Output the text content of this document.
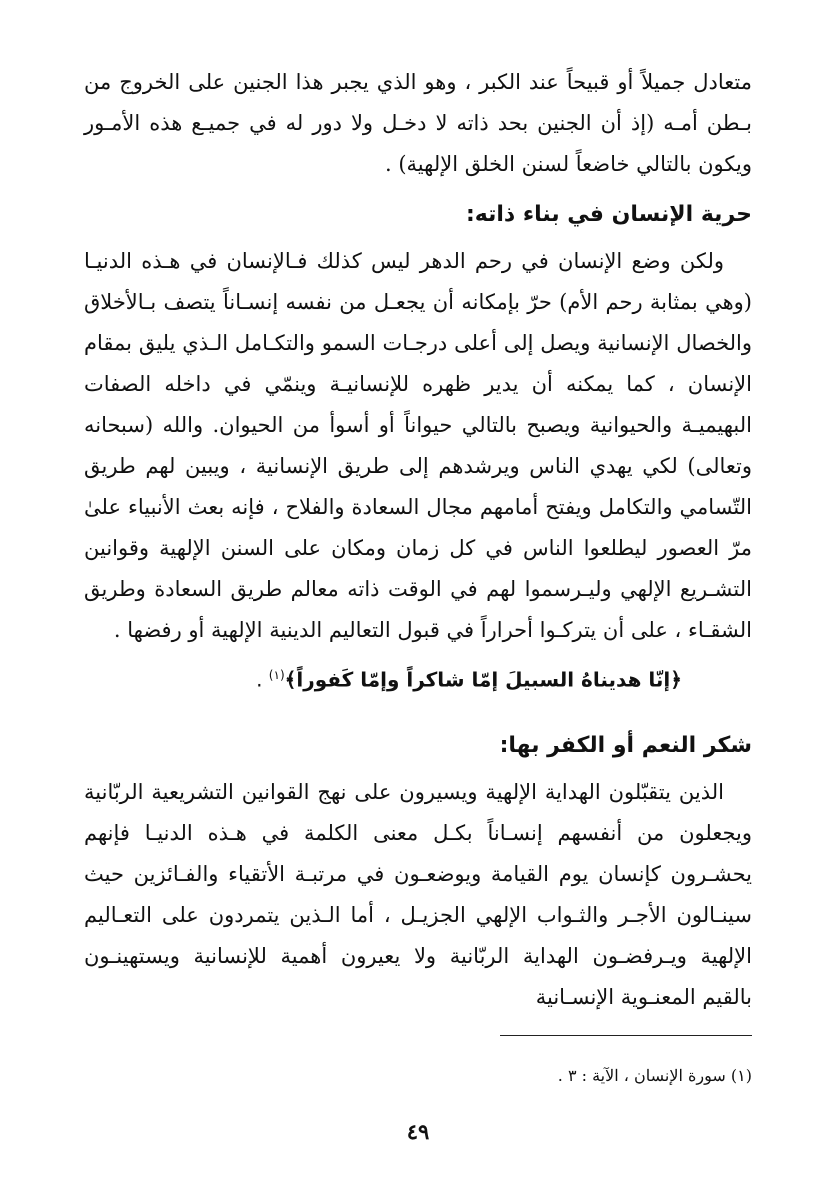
متعادل جميلاً أو قبيحاً عند الكبر ، وهو الذي يجبر هذا الجنين على الخروج من بـطن أمـه (إذ أن الجنين بحد ذاته لا دخـل ولا دور له في جميـع هذه الأمـور ويكون بالتالي خاضعاً لسنن الخلق الإلهية) .

حرية الإنسان في بناء ذاته:

ولكن وضع الإنسان في رحم الدهر ليس كذلك فـالإنسان في هـذه الدنيـا (وهي بمثابة رحم الأم) حرّ بإمكانه أن يجعـل من نفسه إنسـاناً يتصف بـالأخلاق والخصال الإنسانية ويصل إلى أعلى درجـات السمو والتكـامل الـذي يليق بمقام الإنسان ، كما يمكنه أن يدير ظهره للإنسانيـة وينمّي في داخله الصفات البهيميـة والحيوانية ويصبح بالتالي حيواناً أو أسوأ من الحيوان. والله (سبحانه وتعالى) لكي يهدي الناس ويرشدهم إلى طريق الإنسانية ، ويبين لهم طريق التّسامي والتكامل ويفتح أمامهم مجال السعادة والفلاح ، فإنه بعث الأنبياء علىٰ مرّ العصور ليطلعوا الناس في كل زمان ومكان على السنن الإلهية وقوانين التشـريع الإلهي وليـرسموا لهم في الوقت ذاته معالم طريق السعادة وطريق الشقـاء ، على أن يتركـوا أحراراً في قبول التعاليم الدينية الإلهية أو رفضها .

﴿إنّا هديناهُ السبيلَ إمّا شاكراً وإمّا كَفوراً﴾$^{(١)}$ .

شكر النعم أو الكفر بها:

الذين يتقبّلون الهداية الإلهية ويسيرون على نهج القوانين التشريعية الربّانية ويجعلون من أنفسهم إنسـاناً بكـل معنى الكلمة في هـذه الدنيـا فإنهم يحشـرون كإنسان يوم القيامة ويوضعـون في مرتبـة الأتقياء والفـائزين حيث سينـالون الأجـر والثـواب الإلهي الجزيـل ، أما الـذين يتمردون على التعـاليم الإلهية ويـرفضـون الهداية الربّانية ولا يعيرون أهمية للإنسانية ويستهينـون بالقيم المعنـوية الإنسـانية

(١) سورة الإنسان ، الآية : ٣ .
٤٩
